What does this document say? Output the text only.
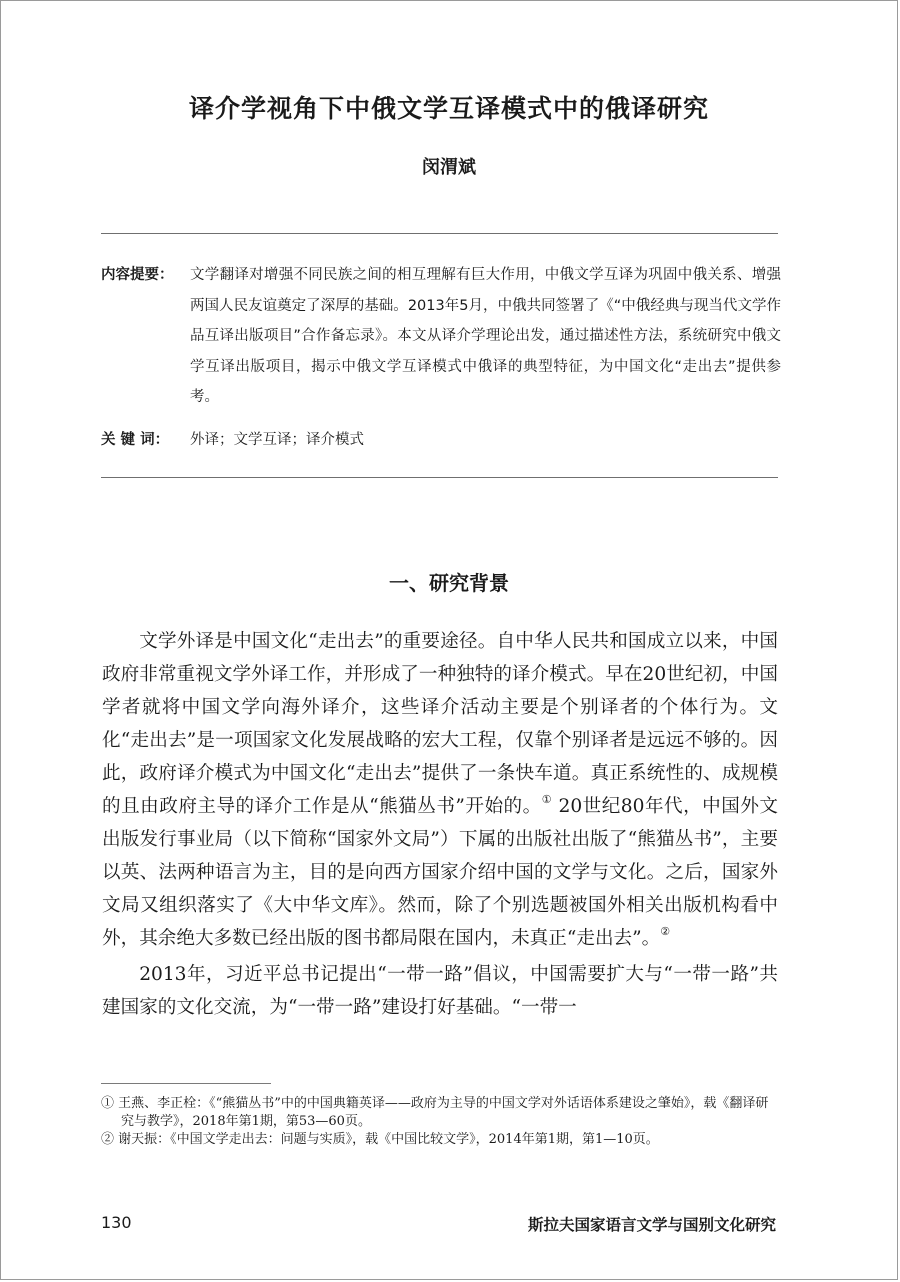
译介学视角下中俄文学互译模式中的俄译研究
闵渭斌
内容提要：	文学翻译对增强不同民族之间的相互理解有巨大作用，中俄文学互译为巩固中俄关系、增强两国人民友谊奠定了深厚的基础。2013年5月，中俄共同签署了《“中俄经典与现当代文学作品互译出版项目”合作备忘录》。本文从译介学理论出发，通过描述性方法，系统研究中俄文学互译出版项目，揭示中俄文学互译模式中俄译的典型特征，为中国文化“走出去”提供参考。
关 键 词： 外译；文学互译；译介模式
一、研究背景

文学外译是中国文化“走出去”的重要途径。自中华人民共和国成立以来，中国政府非常重视文学外译工作，并形成了一种独特的译介模式。早在20世纪初，中国学者就将中国文学向海外译介，这些译介活动主要是个别译者的个体行为。文化“走出去”是一项国家文化发展战略的宏大工程，仅靠个别译者是远远不够的。因此，政府译介模式为中国文化“走出去”提供了一条快车道。真正系统性的、成规模的且由政府主导的译介工作是从“熊猫丛书”开始的。① 20世纪80年代，中国外文出版发行事业局（以下简称“国家外文局”）下属的出版社出版了“熊猫丛书”，主要以英、法两种语言为主，目的是向西方国家介绍中国的文学与文化。之后，国家外文局又组织落实了《大中华文库》。然而，除了个别选题被国外相关出版机构看中外，其余绝大多数已经出版的图书都局限在国内，未真正“走出去”。②

2013年，习近平总书记提出“一带一路”倡议，中国需要扩大与“一带一路”共建国家的文化交流，为“一带一路”建设打好基础。“一带一

① 王燕、李正栓：《“熊猫丛书”中的中国典籍英译——政府为主导的中国文学对外话语体系建设之肇始》，载《翻译研究与教学》，2018年第1期，第53—60页。

② 谢天振：《中国文学走出去：问题与实质》，载《中国比较文学》，2014年第1期，第1—10页。

130	斯拉夫国家语言文学与国别文化研究
